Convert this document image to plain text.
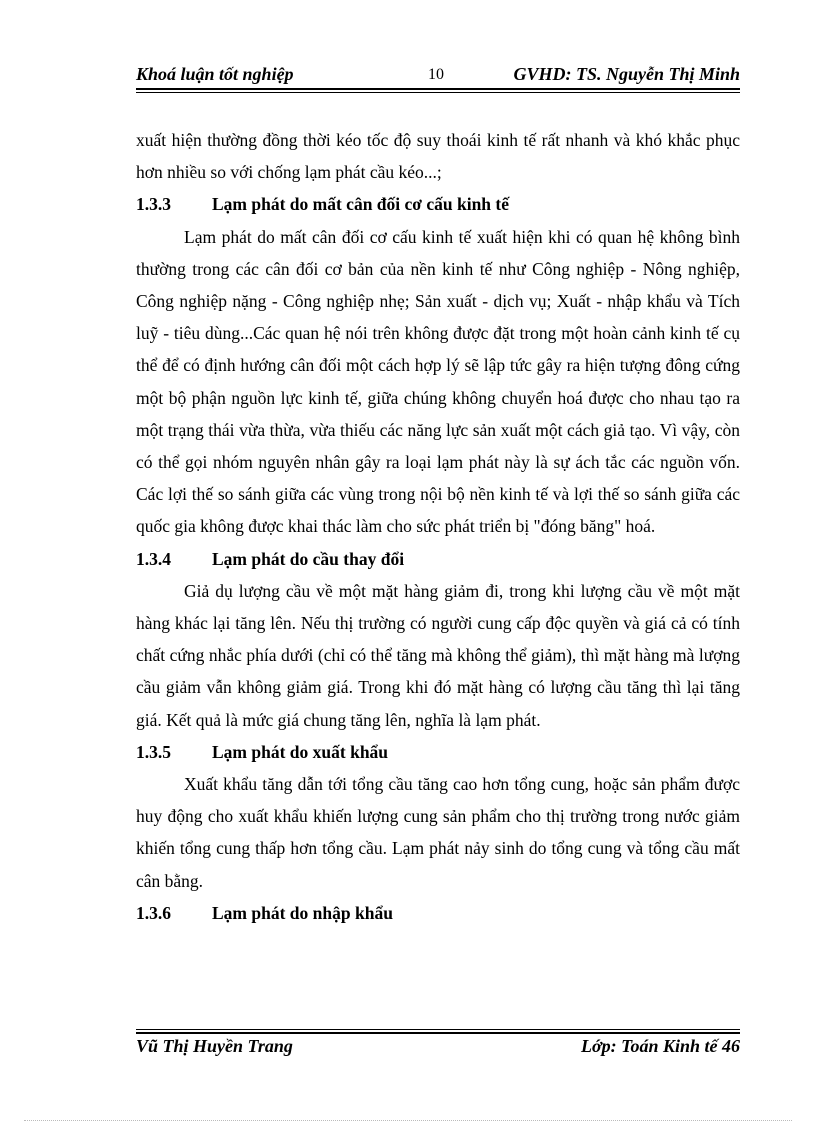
Khoá luận tốt nghiệp	10	GVHD: TS. Nguyễn Thị Minh

xuất hiện thường đồng thời kéo tốc độ suy thoái kinh tế rất nhanh và khó khắc phục hơn nhiều so với chống lạm phát cầu kéo...;

1.3.3	Lạm phát do mất cân đối cơ cấu kinh tế

Lạm phát do mất cân đối cơ cấu kinh tế xuất hiện khi có quan hệ không bình thường trong các cân đối cơ bản của nền kinh tế như Công nghiệp - Nông nghiệp, Công nghiệp nặng - Công nghiệp nhẹ; Sản xuất - dịch vụ; Xuất - nhập khẩu và Tích luỹ - tiêu dùng...Các quan hệ nói trên không được đặt trong một hoàn cảnh kinh tế cụ thể để có định hướng cân đối một cách hợp lý sẽ lập tức gây ra hiện tượng đông cứng một bộ phận nguồn lực kinh tế, giữa chúng không chuyển hoá được cho nhau tạo ra một trạng thái vừa thừa, vừa thiếu các năng lực sản xuất một cách giả tạo. Vì vậy, còn có thể gọi nhóm nguyên nhân gây ra loại lạm phát này là sự ách tắc các nguồn vốn. Các lợi thế so sánh giữa các vùng trong nội bộ nền kinh tế và lợi thế so sánh giữa các quốc gia không được khai thác làm cho sức phát triển bị "đóng băng" hoá.

1.3.4	Lạm phát do cầu thay đổi

Giả dụ lượng cầu về một mặt hàng giảm đi, trong khi lượng cầu về một mặt hàng khác lại tăng lên. Nếu thị trường có người cung cấp độc quyền và giá cả có tính chất cứng nhắc phía dưới (chỉ có thể tăng mà không thể giảm), thì mặt hàng mà lượng cầu giảm vẫn không giảm giá. Trong khi đó mặt hàng có lượng cầu tăng thì lại tăng giá. Kết quả là mức giá chung tăng lên, nghĩa là lạm phát.

1.3.5	Lạm phát do xuất khẩu

Xuất khẩu tăng dẫn tới tổng cầu tăng cao hơn tổng cung, hoặc sản phẩm được huy động cho xuất khẩu khiến lượng cung sản phẩm cho thị trường trong nước giảm khiến tổng cung thấp hơn tổng cầu. Lạm phát nảy sinh do tổng cung và tổng cầu mất cân bằng.

1.3.6	Lạm phát do nhập khẩu
Vũ Thị Huyền Trang	Lớp: Toán Kinh tế 46
